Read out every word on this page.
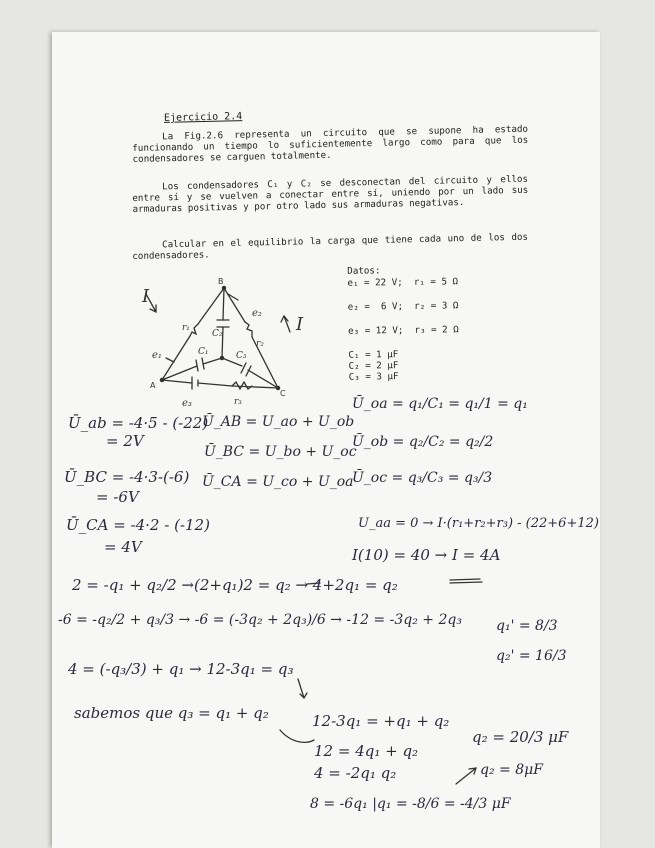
Ejercicio 2.4
La Fig.2.6 representa un circuito que se supone ha estado funcionando un tiempo lo suficientemente largo como para que los condensadores se carguen totalmente.
Los condensadores C₁ y C₂ se desconectan del circuito y ellos entre sí y se vuelven a conectar entre sí, uniendo por un lado sus armaduras positivas y por otro lado sus armaduras negativas.
Calcular en el equilibrio la carga que tiene cada uno de los dos condensadores.
Datos:
e₁ = 22 V;  r₁ = 5 Ω
e₂ =  6 V;  r₂ = 3 Ω
e₃ = 12 V;  r₃ = 2 Ω
C₁ = 1 μF
C₂ = 2 μF
C₃ = 3 μF
B
A
C
I
I
e₂
e₁
e₃
r₁
r₂
r₃
C₁
C₂
C₃
Ū_ab = -4·5 - (-22)
= 2V
Ū_BC = -4·3-(-6)
= -6V
Ū_CA = -4·2 - (-12)
= 4V
Ū_AB = U_ao + U_ob
Ū_BC = U_bo + U_oc
Ū_CA = U_co + U_oa
Ū_oa = q₁/C₁ = q₁/1 = q₁
Ū_ob = q₂/C₂ = q₂/2
Ū_oc = q₃/C₃ = q₃/3
U_aa = 0 → I·(r₁+r₂+r₃) - (22+6+12)
I(10) = 40 → I = 4A
2 = -q₁ + q₂/2 →(2+q₁)2 = q₂ → 4+2q₁ = q₂
-6 = -q₂/2 + q₃/3 → -6 = (-3q₂ + 2q₃)/6 → -12 = -3q₂ + 2q₃
4 = (-q₃/3) + q₁ → 12-3q₁ = q₃
sabemos que q₃ = q₁ + q₂	12-3q₁ = +q₁ + q₂
12 = 4q₁ + q₂
4 = -2q₁ q₂
8 = -6q₁ |q₁ = -8/6 = -4/3 μF
q₁' = 8/3
q₂' = 16/3
q₂ = 20/3 μF
q₂ = 8μF
